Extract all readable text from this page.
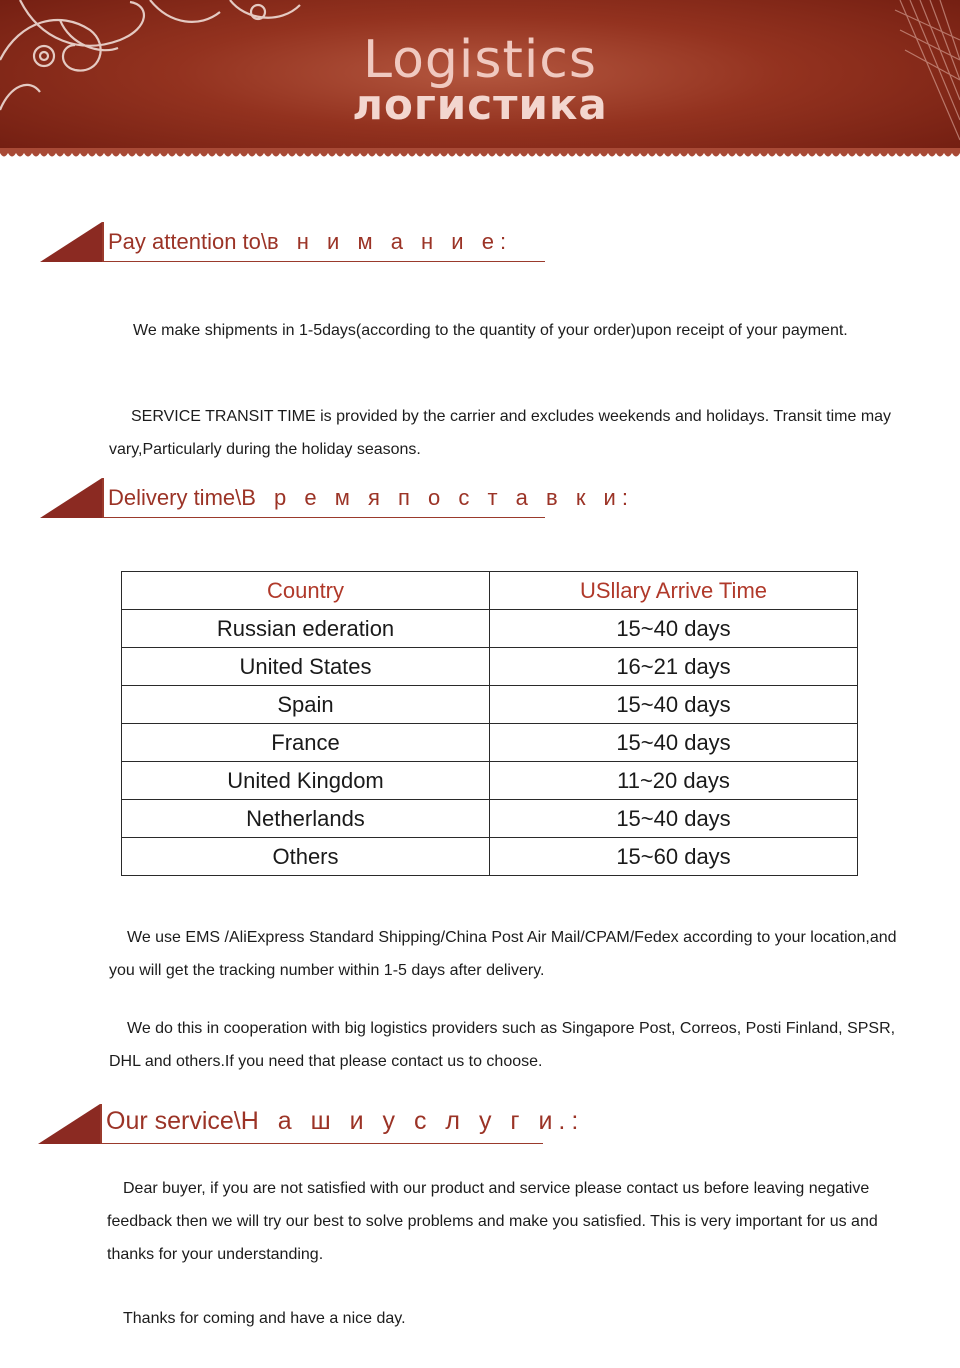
Logistics
логистика
Pay attention to\в н и м а н и е:

We make shipments in 1-5days(according to the quantity of your order)upon receipt of your payment.

SERVICE TRANSIT TIME is provided by the carrier and excludes weekends and holidays. Transit time may vary,Particularly during the holiday seasons.

Delivery time\В р е м я п о с т а в к и:
Country	USllary Arrive Time
Russian ederation	15~40 days
United States	16~21 days
Spain	15~40 days
France	15~40 days
United Kingdom	11~20 days
Netherlands	15~40 days
Others	15~60 days

We use EMS /AliExpress Standard Shipping/China Post Air Mail/CPAM/Fedex according to your location,and you will get the tracking number within 1-5 days after delivery.

We do this in cooperation with big logistics providers such as Singapore Post, Correos, Posti Finland, SPSR, DHL and others.If you need that please contact us to choose.

Our service\Н а ш и у с л у г и.:

Dear buyer, if you are not satisfied with our product and service please contact us before leaving negative feedback then we will try our best to solve problems and make you satisfied. This is very important for us and thanks for your understanding.

Thanks for coming and have a nice day.
